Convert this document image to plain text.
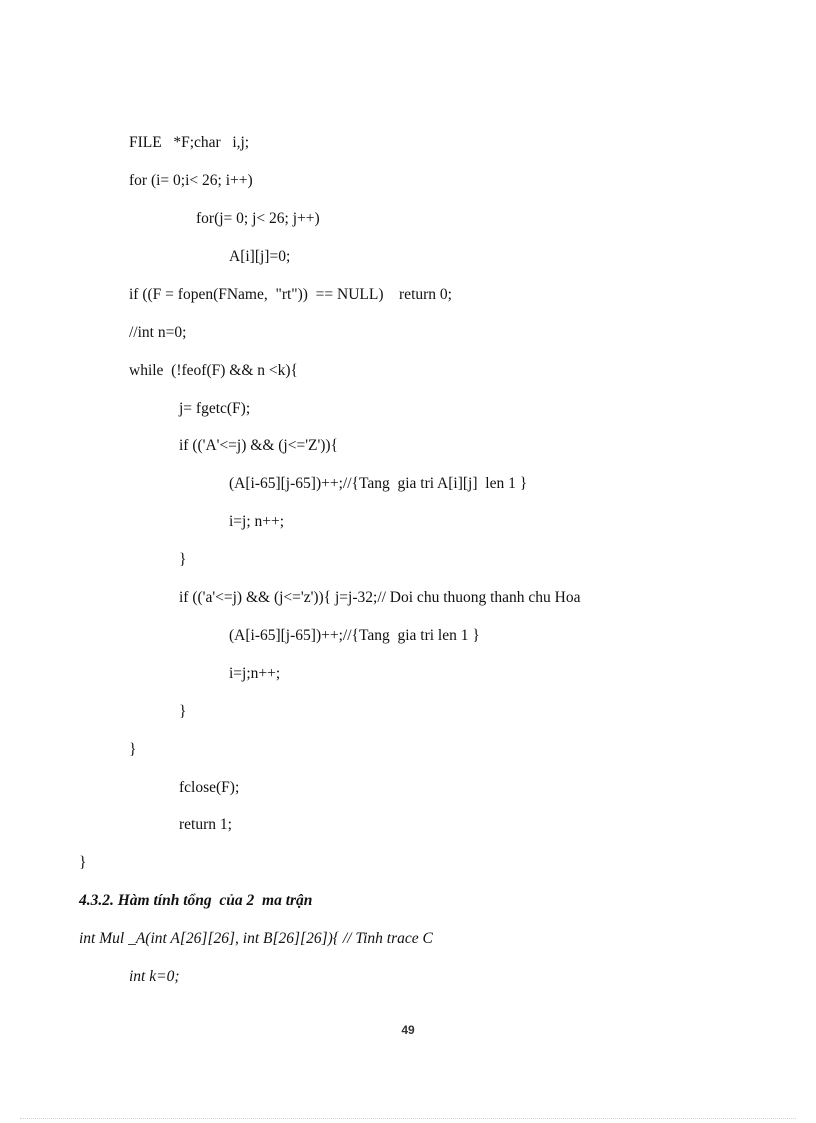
FILE   *F;char   i,j;
for (i= 0;i< 26; i++)
for(j= 0; j< 26; j++)
A[i][j]=0;
if ((F = fopen(FName,  "rt"))  == NULL)    return 0;
//int n=0;
while  (!feof(F) && n <k){
j= fgetc(F);
if (('A'<=j) && (j<='Z')){
(A[i-65][j-65])++;//{Tang  gia tri A[i][j]  len 1 }
i=j; n++;
}
if (('a'<=j) && (j<='z')){ j=j-32;// Doi chu thuong thanh chu Hoa
(A[i-65][j-65])++;//{Tang  gia tri len 1 }
i=j;n++;
}
}
fclose(F);
return 1;
}
4.3.2. Hàm tính tổng  của 2  ma trận
int Mul _A(int A[26][26], int B[26][26]){ // Tinh trace C
int k=0;
49
